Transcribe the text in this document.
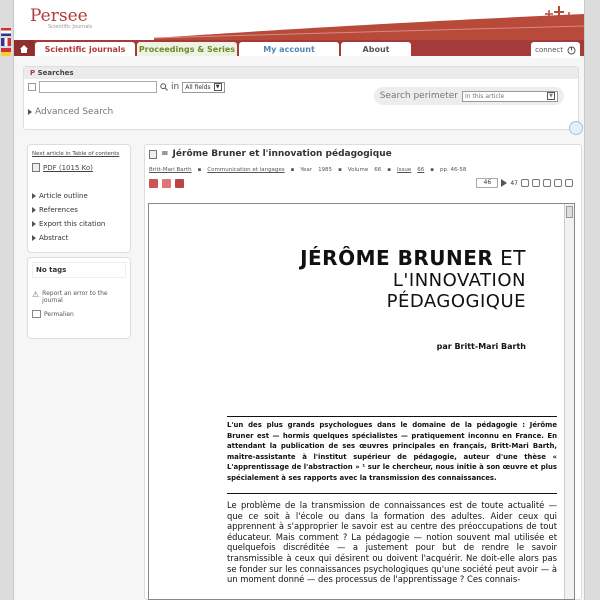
Persee
Scientific Journals
Scientific journals	Proceedings & Series	My account	About	connect
P Searches
in All fields	▼
Search perimeter In this article	▼
Advanced Search
Next article in Table of contents
PDF (1015 Ko)
Article outline
References
Export this citation
Abstract
No tags
⚠ Report an error to the journal
Permalien
= Jérôme Bruner et l'innovation pédagogique
Britt-Mari Barth ▪ Communication et langages ▪ Year 1985 ▪ Volume 66 ▪ Issue 66 ▪ pp. 46-58
46	47
JÉRÔME BRUNER ET
L'INNOVATION
PÉDAGOGIQUE
par Britt-Mari Barth
L'un des plus grands psychologues dans le domaine de la pédagogie : Jérôme Bruner est — hormis quelques spécialistes — pratiquement inconnu en France. En attendant la publication de ses œuvres principales en français, Britt-Mari Barth, maître-assistante à l'institut supérieur de pédagogie, auteur d'une thèse « L'apprentissage de l'abstraction » ¹ sur le chercheur, nous initie à son œuvre et plus spécialement à ses rapports avec la transmission des connaissances.
Le problème de la transmission de connaissances est de toute actualité — que ce soit à l'école ou dans la formation des adultes. Aider ceux qui apprennent à s'approprier le savoir est au centre des préoccupations de tout éducateur. Mais comment ? La pédagogie — notion souvent mal utilisée et quelquefois discréditée — a justement pour but de rendre le savoir transmissible à ceux qui désirent ou doivent l'acquérir. Ne doit-elle alors pas se fonder sur les connaissances psychologiques qu'une société peut avoir — à un moment donné — des processus de l'apprentissage ? Ces connais-
